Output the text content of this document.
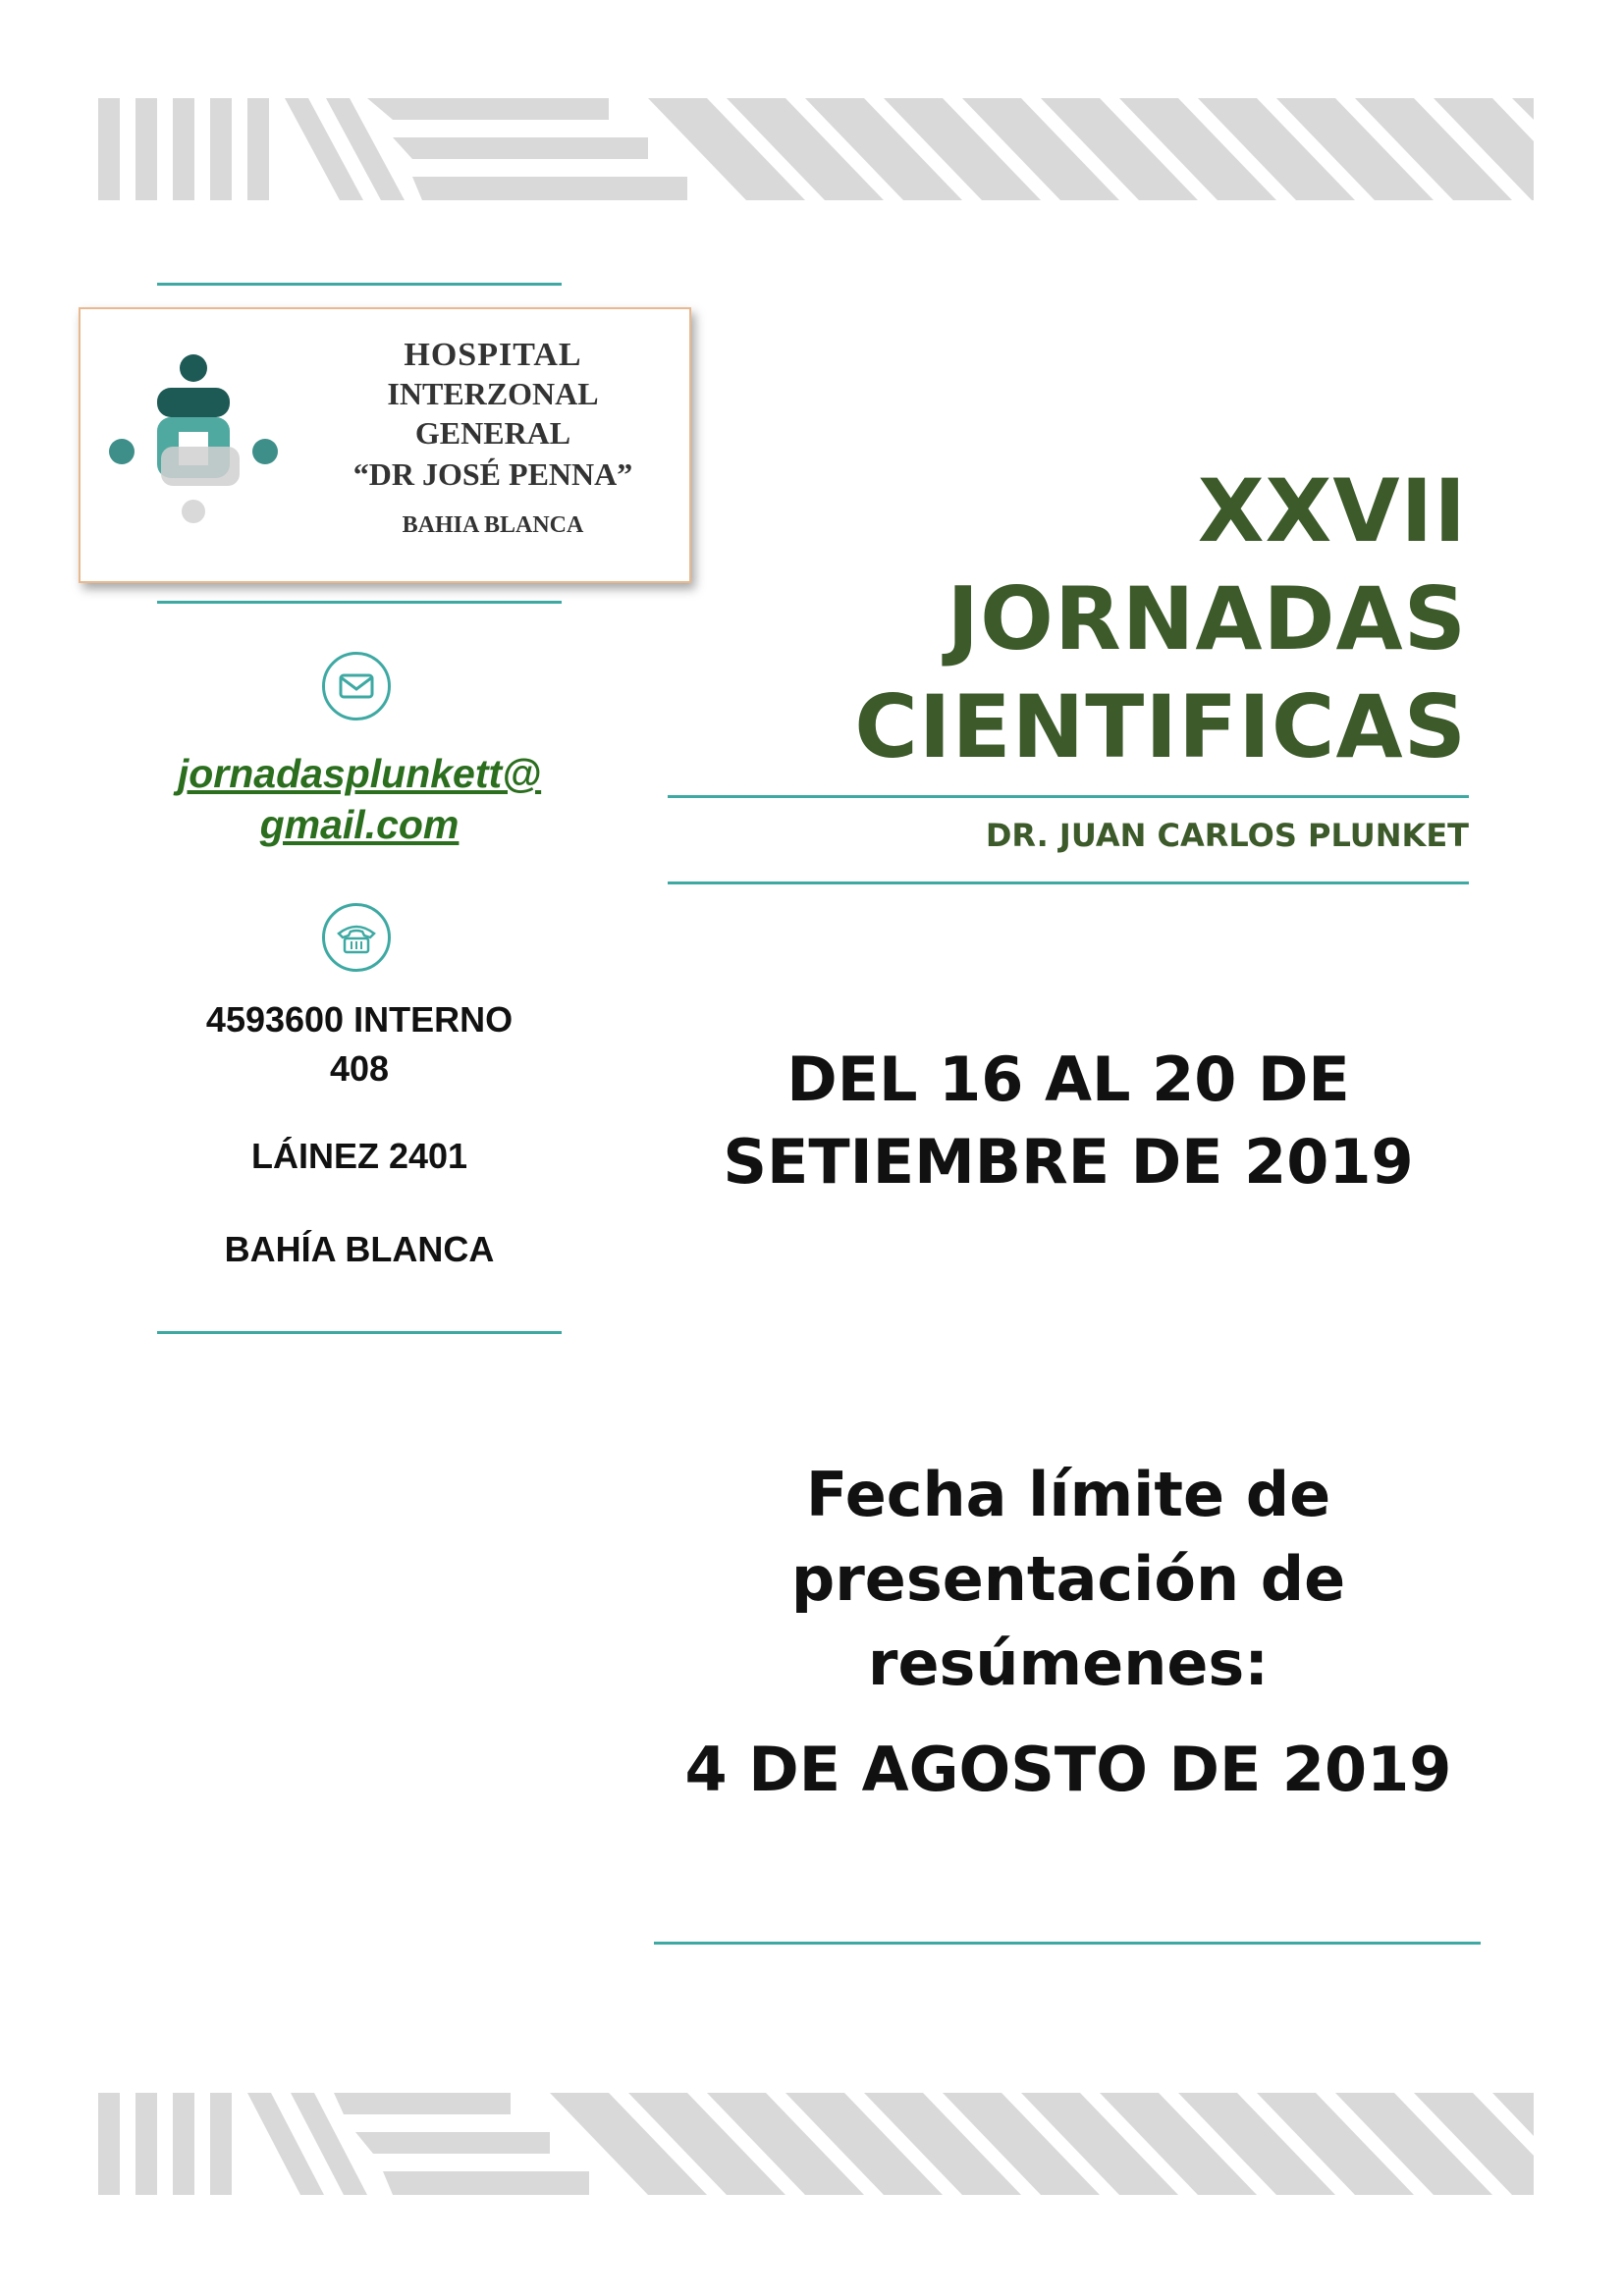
HOSPITAL
INTERZONAL
GENERAL
“DR JOSÉ PENNA”
BAHIA BLANCA
jornadasplunkett@
gmail.com
4593600 INTERNO
408
LÁINEZ 2401
BAHÍA BLANCA
XXVII
JORNADAS
CIENTIFICAS
DR. JUAN CARLOS PLUNKET
DEL 16 AL 20 DE
SETIEMBRE DE 2019
Fecha límite de
presentación de
resúmenes:
4 DE AGOSTO DE 2019
